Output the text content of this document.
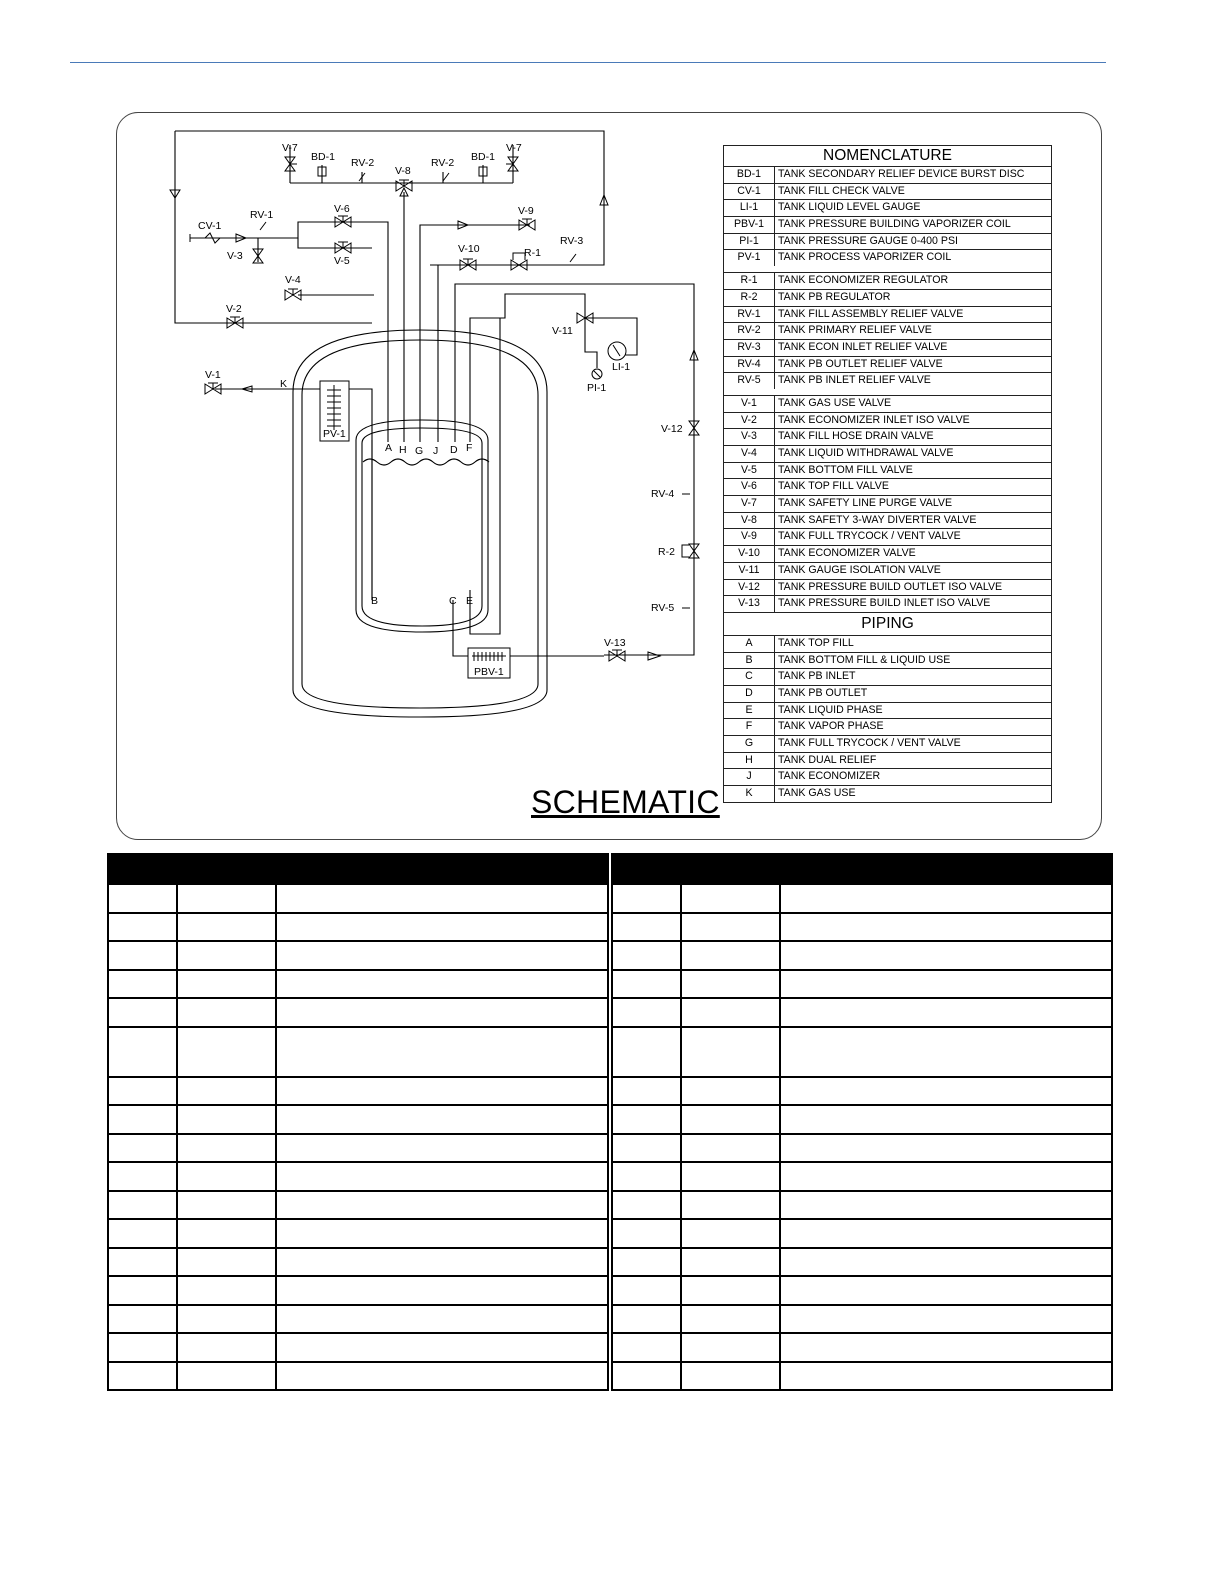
V-7
BD-1 RV-2
V-8
RV-2 BD-1
V-7
CV-1
RV-1
V-3
V-6
V-5
V-9
V-10	R-1
RV-3
V-4
V-2
V-1
K
PV-1
V-11
LI-1
PI-1
V-12
RV-4
R-2
RV-5
V-13
PBV-1
A H G J D F
B	C E
NOMENCLATURE
BD-1	TANK SECONDARY RELIEF DEVICE BURST DISC
CV-1	TANK FILL CHECK VALVE
LI-1	TANK LIQUID LEVEL GAUGE
PBV-1	TANK PRESSURE BUILDING VAPORIZER COIL
PI-1	TANK PRESSURE GAUGE 0-400 PSI
PV-1	TANK PROCESS VAPORIZER COIL
R-1	TANK ECONOMIZER REGULATOR
R-2	TANK PB REGULATOR
RV-1	TANK FILL ASSEMBLY RELIEF VALVE
RV-2	TANK PRIMARY RELIEF VALVE
RV-3	TANK ECON INLET RELIEF VALVE
RV-4	TANK PB OUTLET RELIEF VALVE
RV-5	TANK PB INLET RELIEF VALVE
V-1	TANK GAS USE VALVE
V-2	TANK ECONOMIZER INLET ISO VALVE
V-3	TANK FILL HOSE DRAIN VALVE
V-4	TANK LIQUID WITHDRAWAL VALVE
V-5	TANK BOTTOM FILL VALVE
V-6	TANK TOP FILL VALVE
V-7	TANK SAFETY LINE PURGE VALVE
V-8	TANK SAFETY 3-WAY DIVERTER VALVE
V-9	TANK FULL TRYCOCK / VENT VALVE
V-10	TANK ECONOMIZER VALVE
V-11	TANK GAUGE ISOLATION VALVE
V-12	TANK PRESSURE BUILD OUTLET ISO VALVE
V-13	TANK PRESSURE BUILD INLET ISO VALVE
PIPING
A	TANK TOP FILL
B	TANK BOTTOM FILL & LIQUID USE
C	TANK PB INLET
D	TANK PB OUTLET
E	TANK LIQUID PHASE
F	TANK VAPOR PHASE
G	TANK FULL TRYCOCK / VENT VALVE
H	TANK DUAL RELIEF
J	TANK ECONOMIZER
K	TANK GAS USE
SCHEMATIC
